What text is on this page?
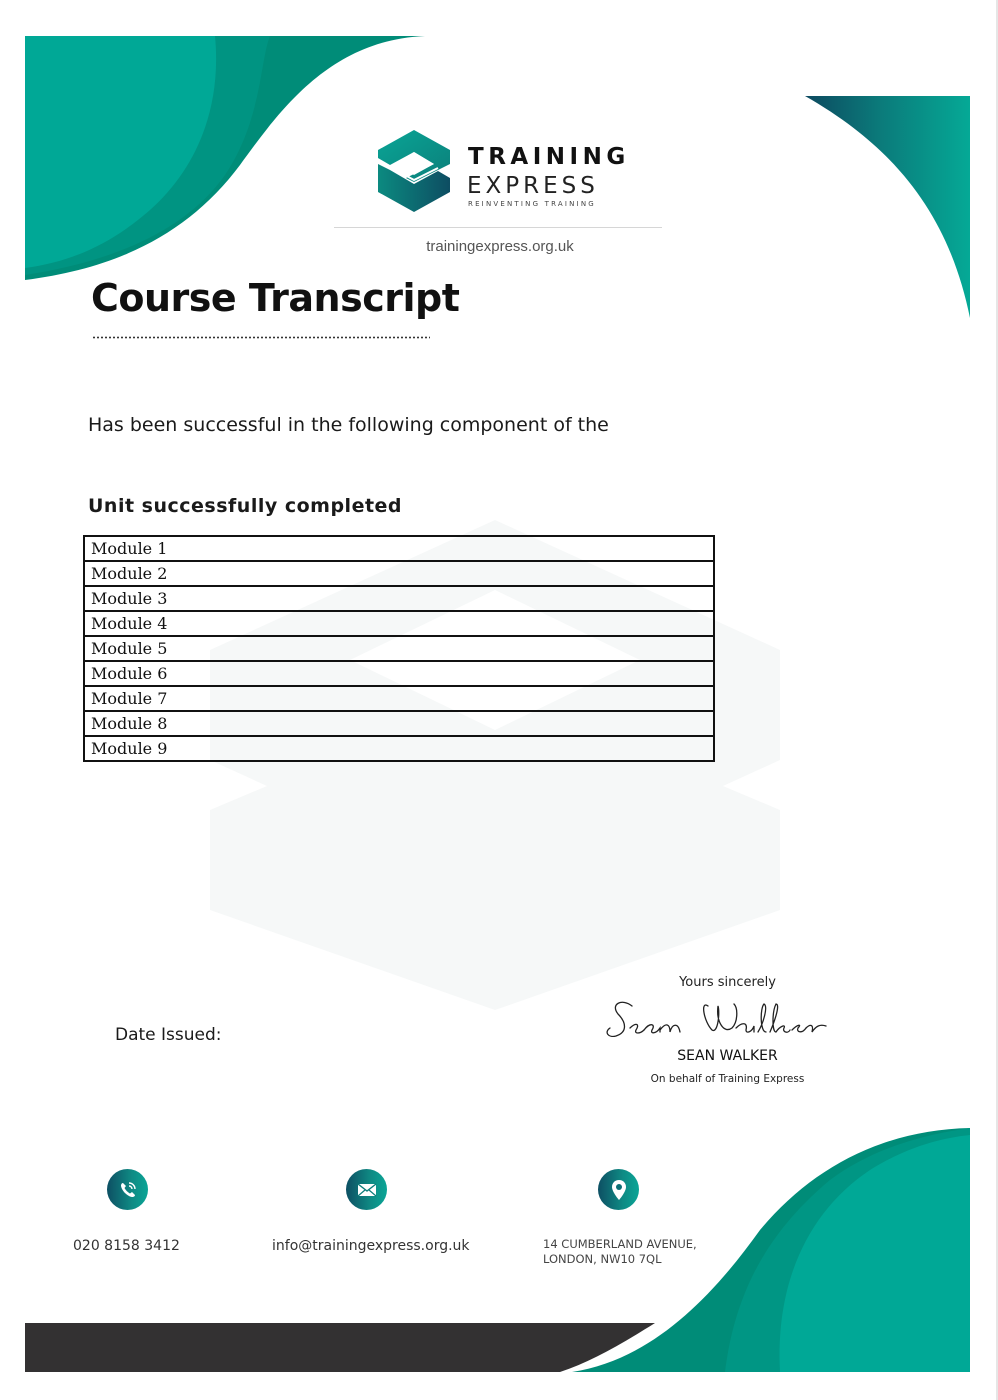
TRAINING
EXPRESS
REINVENTING TRAINING
trainingexpress.org.uk
Course Transcript
Has been successful in the following component of the
Unit successfully completed
Module 1
Module 2
Module 3
Module 4
Module 5
Module 6
Module 7
Module 8
Module 9
Date Issued:
Yours sincerely
SEAN WALKER
On behalf of Training Express
020 8158 3412	info@trainingexpress.org.uk	14 CUMBERLAND AVENUE,
LONDON, NW10 7QL
